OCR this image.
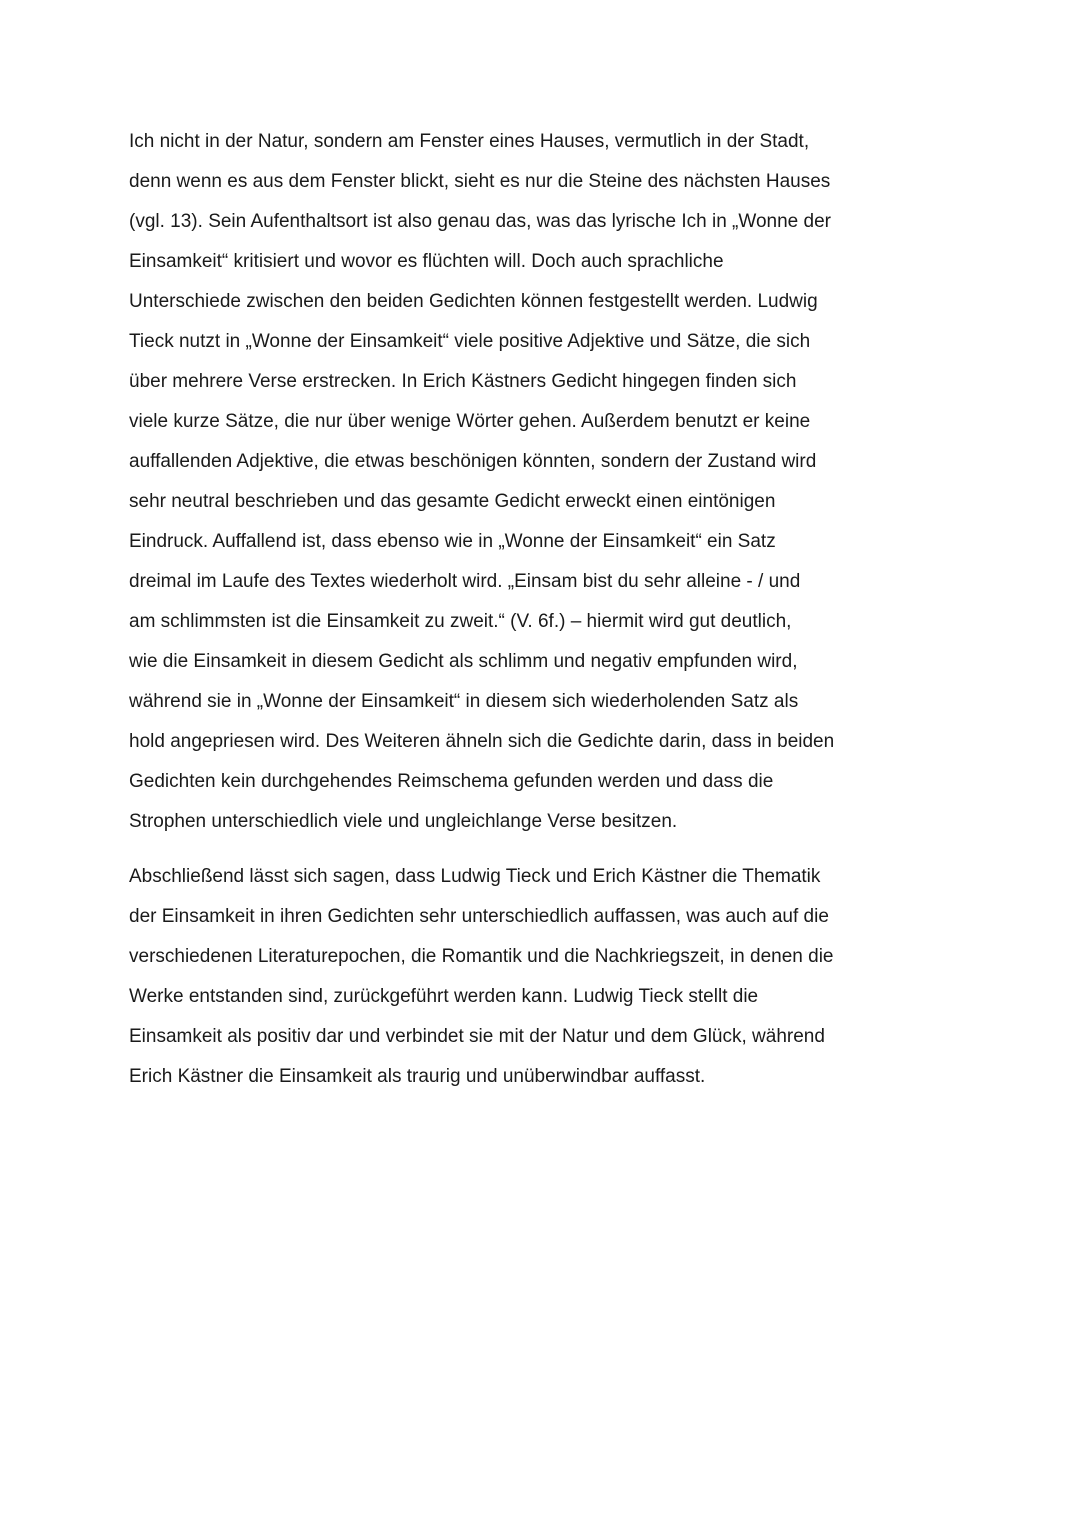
Ich nicht in der Natur, sondern am Fenster eines Hauses, vermutlich in der Stadt,
denn wenn es aus dem Fenster blickt, sieht es nur die Steine des nächsten Hauses
(vgl. 13). Sein Aufenthaltsort ist also genau das, was das lyrische Ich in „Wonne der
Einsamkeit“ kritisiert und wovor es flüchten will. Doch auch sprachliche
Unterschiede zwischen den beiden Gedichten können festgestellt werden. Ludwig
Tieck nutzt in „Wonne der Einsamkeit“ viele positive Adjektive und Sätze, die sich
über mehrere Verse erstrecken. In Erich Kästners Gedicht hingegen finden sich
viele kurze Sätze, die nur über wenige Wörter gehen. Außerdem benutzt er keine
auffallenden Adjektive, die etwas beschönigen könnten, sondern der Zustand wird
sehr neutral beschrieben und das gesamte Gedicht erweckt einen eintönigen
Eindruck. Auffallend ist, dass ebenso wie in „Wonne der Einsamkeit“ ein Satz
dreimal im Laufe des Textes wiederholt wird. „Einsam bist du sehr alleine - / und
am schlimmsten ist die Einsamkeit zu zweit.“ (V. 6f.) – hiermit wird gut deutlich,
wie die Einsamkeit in diesem Gedicht als schlimm und negativ empfunden wird,
während sie in „Wonne der Einsamkeit“ in diesem sich wiederholenden Satz als
hold angepriesen wird. Des Weiteren ähneln sich die Gedichte darin, dass in beiden
Gedichten kein durchgehendes Reimschema gefunden werden und dass die
Strophen unterschiedlich viele und ungleichlange Verse besitzen.
Abschließend lässt sich sagen, dass Ludwig Tieck und Erich Kästner die Thematik
der Einsamkeit in ihren Gedichten sehr unterschiedlich auffassen, was auch auf die
verschiedenen Literaturepochen, die Romantik und die Nachkriegszeit, in denen die
Werke entstanden sind, zurückgeführt werden kann. Ludwig Tieck stellt die
Einsamkeit als positiv dar und verbindet sie mit der Natur und dem Glück, während
Erich Kästner die Einsamkeit als traurig und unüberwindbar auffasst.
